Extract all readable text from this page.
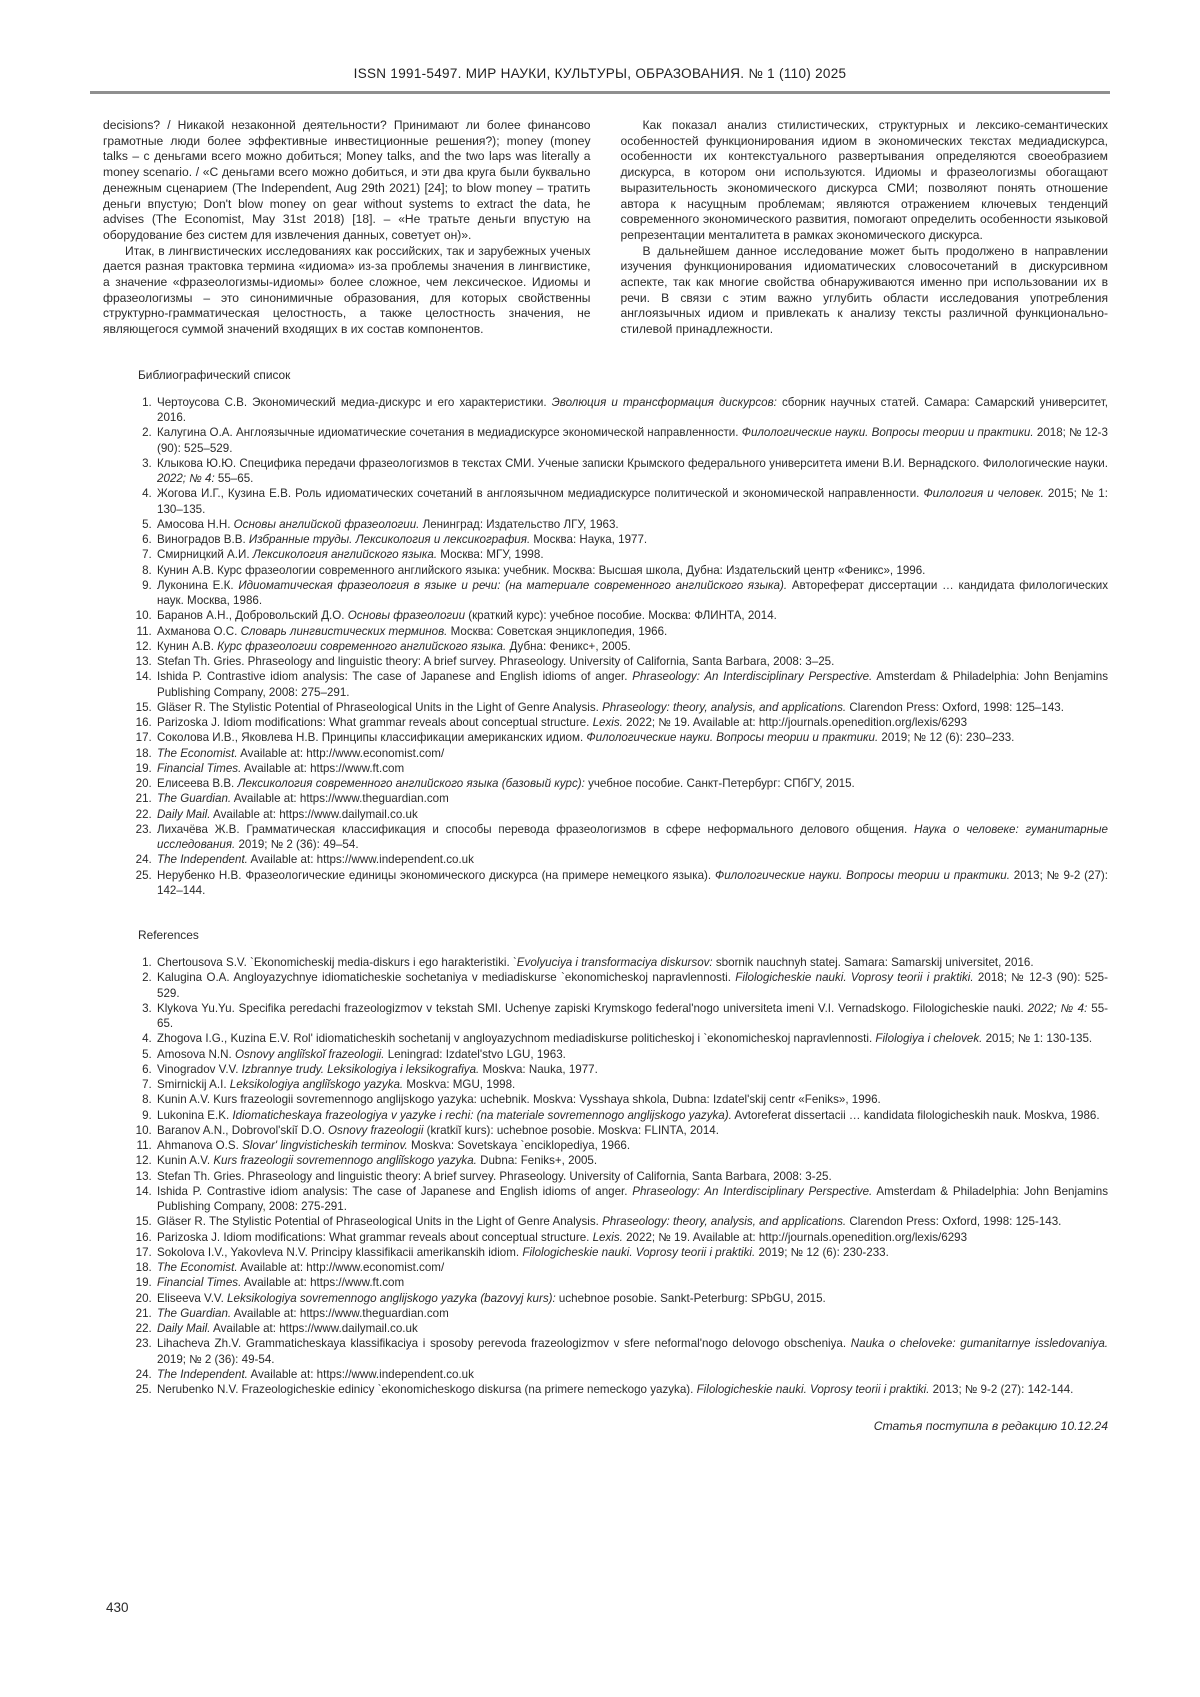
ISSN 1991-5497. МИР НАУКИ, КУЛЬТУРЫ, ОБРАЗОВАНИЯ. № 1 (110) 2025

decisions? / Никакой незаконной деятельности? Принимают ли более финансово грамотные люди более эффективные инвестиционные решения?); money (money talks – с деньгами всего можно добиться; Money talks, and the two laps was literally a money scenario. / «С деньгами всего можно добиться, и эти два круга были буквально денежным сценарием (The Independent, Aug 29th 2021) [24]; to blow money – тратить деньги впустую; Don't blow money on gear without systems to extract the data, he advises (The Economist, May 31st 2018) [18]. – «Не тратьте деньги впустую на оборудование без систем для извлечения данных, советует он)».

Итак, в лингвистических исследованиях как российских, так и зарубежных ученых дается разная трактовка термина «идиома» из-за проблемы значения в лингвистике, а значение «фразеологизмы-идиомы» более сложное, чем лексическое. Идиомы и фразеологизмы – это синонимичные образования, для которых свойственны структурно-грамматическая целостность, а также целостность значения, не являющегося суммой значений входящих в их состав компонентов.

Как показал анализ стилистических, структурных и лексико-семантических особенностей функционирования идиом в экономических текстах медиадискурса, особенности их контекстуального развертывания определяются своеобразием дискурса, в котором они используются. Идиомы и фразеологизмы обогащают выразительность экономического дискурса СМИ; позволяют понять отношение автора к насущным проблемам; являются отражением ключевых тенденций современного экономического развития, помогают определить особенности языковой репрезентации менталитета в рамках экономического дискурса.

В дальнейшем данное исследование может быть продолжено в направлении изучения функционирования идиоматических словосочетаний в дискурсивном аспекте, так как многие свойства обнаруживаются именно при использовании их в речи. В связи с этим важно углубить области исследования употребления англоязычных идиом и привлекать к анализу тексты различной функционально-стилевой принадлежности.

Библиографический список
1. Чертоусова С.В. Экономический медиа-дискурс и его характеристики. Эволюция и трансформация дискурсов: сборник научных статей. Самара: Самарский университет, 2016.
2. Калугина О.А. Англоязычные идиоматические сочетания в медиадискурсе экономической направленности. Филологические науки. Вопросы теории и практики. 2018; № 12-3 (90): 525–529.
3. Клыкова Ю.Ю. Специфика передачи фразеологизмов в текстах СМИ. Ученые записки Крымского федерального университета имени В.И. Вернадского. Филологические науки. 2022; № 4: 55–65.
4. Жогова И.Г., Кузина Е.В. Роль идиоматических сочетаний в англоязычном медиадискурсе политической и экономической направленности. Филология и человек. 2015; № 1: 130–135.
5. Амосова Н.Н. Основы английской фразеологии. Ленинград: Издательство ЛГУ, 1963.
6. Виноградов В.В. Избранные труды. Лексикология и лексикография. Москва: Наука, 1977.
7. Смирницкий А.И. Лексикология английского языка. Москва: МГУ, 1998.
8. Кунин А.В. Курс фразеологии современного английского языка: учебник. Москва: Высшая школа, Дубна: Издательский центр «Феникс», 1996.
9. Луконина Е.К. Идиоматическая фразеология в языке и речи: (на материале современного английского языка). Автореферат диссертации … кандидата филологических наук. Москва, 1986.
10. Баранов А.Н., Добровольский Д.О. Основы фразеологии (краткий курс): учебное пособие. Москва: ФЛИНТА, 2014.
11. Ахманова О.С. Словарь лингвистических терминов. Москва: Советская энциклопедия, 1966.
12. Кунин А.В. Курс фразеологии современного английского языка. Дубна: Феникс+, 2005.
13. Stefan Th. Gries. Phraseology and linguistic theory: A brief survey. Phraseology. University of California, Santa Barbara, 2008: 3–25.
14. Ishida P. Contrastive idiom analysis: The case of Japanese and English idioms of anger. Phraseology: An Interdisciplinary Perspective. Amsterdam & Philadelphia: John Benjamins Publishing Company, 2008: 275–291.
15. Gläser R. The Stylistic Potential of Phraseological Units in the Light of Genre Analysis. Phraseology: theory, analysis, and applications. Clarendon Press: Oxford, 1998: 125–143.
16. Parizoska J. Idiom modifications: What grammar reveals about conceptual structure. Lexis. 2022; № 19. Available at: http://journals.openedition.org/lexis/6293
17. Соколова И.В., Яковлева Н.В. Принципы классификации американских идиом. Филологические науки. Вопросы теории и практики. 2019; № 12 (6): 230–233.
18. The Economist. Available at: http://www.economist.com/
19. Financial Times. Available at: https://www.ft.com
20. Елисеева В.В. Лексикология современного английского языка (базовый курс): учебное пособие. Санкт-Петербург: СПбГУ, 2015.
21. The Guardian. Available at: https://www.theguardian.com
22. Daily Mail. Available at: https://www.dailymail.co.uk
23. Лихачёва Ж.В. Грамматическая классификация и способы перевода фразеологизмов в сфере неформального делового общения. Наука о человеке: гуманитарные исследования. 2019; № 2 (36): 49–54.
24. The Independent. Available at: https://www.independent.co.uk
25. Нерубенко Н.В. Фразеологические единицы экономического дискурса (на примере немецкого языка). Филологические науки. Вопросы теории и практики. 2013; № 9-2 (27): 142–144.
References
1. Chertousova S.V. `Ekonomicheskij media-diskurs i ego harakteristiki. `Evolyuciya i transformaciya diskursov: sbornik nauchnyh statej. Samara: Samarskij universitet, 2016.
2. Kalugina O.A. Angloyazychnye idiomaticheskie sochetaniya v mediadiskurse `ekonomicheskoj napravlennosti. Filologicheskie nauki. Voprosy teorii i praktiki. 2018; № 12-3 (90): 525-529.
3. Klykova Yu.Yu. Specifika peredachi frazeologizmov v tekstah SMI. Uchenye zapiski Krymskogo federal'nogo universiteta imeni V.I. Vernadskogo. Filologicheskie nauki. 2022; № 4: 55-65.
4. Zhogova I.G., Kuzina E.V. Rol' idiomaticheskih sochetanij v angloyazychnom mediadiskurse politicheskoj i `ekonomicheskoj napravlennosti. Filologiya i chelovek. 2015; № 1: 130-135.
5. Amosova N.N. Osnovy angliĭskoĭ frazeologii. Leningrad: Izdatel'stvo LGU, 1963.
6. Vinogradov V.V. Izbrannye trudy. Leksikologiya i leksikografiya. Moskva: Nauka, 1977.
7. Smirnickij A.I. Leksikologiya angliĭskogo yazyka. Moskva: MGU, 1998.
8. Kunin A.V. Kurs frazeologii sovremennogo anglijskogo yazyka: uchebnik. Moskva: Vysshaya shkola, Dubna: Izdatel'skij centr «Feniks», 1996.
9. Lukonina E.K. Idiomaticheskaya frazeologiya v yazyke i rechi: (na materiale sovremennogo anglijskogo yazyka). Avtoreferat dissertacii … kandidata filologicheskih nauk. Moskva, 1986.
10. Baranov A.N., Dobrovol'skiĭ D.O. Osnovy frazeologii (kratkiĭ kurs): uchebnoe posobie. Moskva: FLINTA, 2014.
11. Ahmanova O.S. Slovar' lingvisticheskih terminov. Moskva: Sovetskaya `enciklopediya, 1966.
12. Kunin A.V. Kurs frazeologii sovremennogo angliĭskogo yazyka. Dubna: Feniks+, 2005.
13. Stefan Th. Gries. Phraseology and linguistic theory: A brief survey. Phraseology. University of California, Santa Barbara, 2008: 3-25.
14. Ishida P. Contrastive idiom analysis: The case of Japanese and English idioms of anger. Phraseology: An Interdisciplinary Perspective. Amsterdam & Philadelphia: John Benjamins Publishing Company, 2008: 275-291.
15. Gläser R. The Stylistic Potential of Phraseological Units in the Light of Genre Analysis. Phraseology: theory, analysis, and applications. Clarendon Press: Oxford, 1998: 125-143.
16. Parizoska J. Idiom modifications: What grammar reveals about conceptual structure. Lexis. 2022; № 19. Available at: http://journals.openedition.org/lexis/6293
17. Sokolova I.V., Yakovleva N.V. Principy klassifikacii amerikanskih idiom. Filologicheskie nauki. Voprosy teorii i praktiki. 2019; № 12 (6): 230-233.
18. The Economist. Available at: http://www.economist.com/
19. Financial Times. Available at: https://www.ft.com
20. Eliseeva V.V. Leksikologiya sovremennogo anglijskogo yazyka (bazovyj kurs): uchebnoe posobie. Sankt-Peterburg: SPbGU, 2015.
21. The Guardian. Available at: https://www.theguardian.com
22. Daily Mail. Available at: https://www.dailymail.co.uk
23. Lihacheva Zh.V. Grammaticheskaya klassifikaciya i sposoby perevoda frazeologizmov v sfere neformal'nogo delovogo obscheniya. Nauka o cheloveke: gumanitarnye issledovaniya. 2019; № 2 (36): 49-54.
24. The Independent. Available at: https://www.independent.co.uk
25. Nerubenko N.V. Frazeologicheskie edinicy `ekonomicheskogo diskursa (na primere nemeckogo yazyka). Filologicheskie nauki. Voprosy teorii i praktiki. 2013; № 9-2 (27): 142-144.
Статья поступила в редакцию 10.12.24
430
